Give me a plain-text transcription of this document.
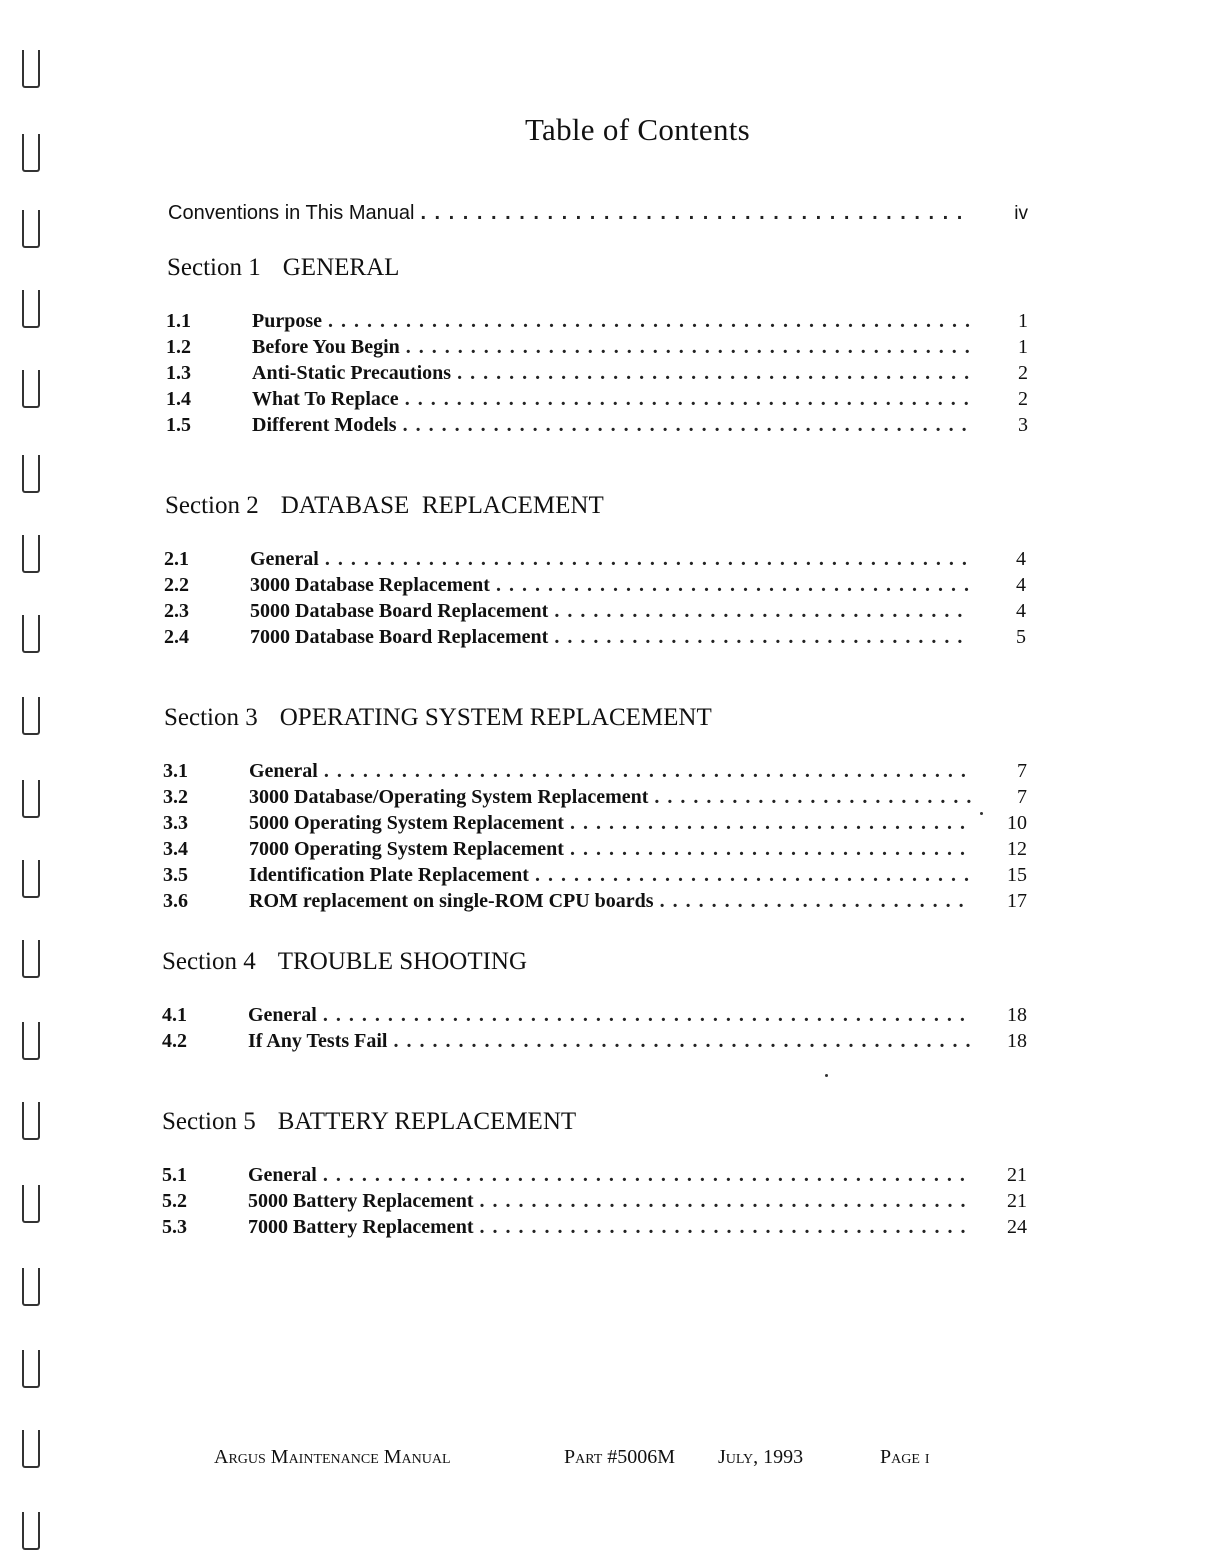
Table of Contents
Conventions in This Manual . . .	iv
Section 1 GENERAL
1.1	Purpose . . .	1
1.2	Before You Begin . . .	1
1.3	Anti-Static Precautions . . .	2
1.4	What To Replace . . .	2
1.5	Different Models . . .	3
Section 2 DATABASE  REPLACEMENT
2.1	General . . .	4
2.2	3000 Database Replacement . . .	4
2.3	5000 Database Board Replacement . . .	4
2.4	7000 Database Board Replacement . . .	5
Section 3 OPERATING SYSTEM REPLACEMENT
3.1	General . . .	7
3.2	3000 Database/Operating System Replacement . . .	7
3.3	5000 Operating System Replacement . . .	10
3.4	7000 Operating System Replacement . . .	12
3.5	Identification Plate Replacement . . .	15
3.6	ROM replacement on single-ROM CPU boards . . .	17
Section 4 TROUBLE SHOOTING
4.1	General . . .	18
4.2	If Any Tests Fail . . .	18
Section 5 BATTERY REPLACEMENT
5.1	General . . .	21
5.2	5000 Battery Replacement . . .	21
5.3	7000 Battery Replacement . . .	24
Argus Maintenance Manual	Part #5006M July, 1993	Page i
